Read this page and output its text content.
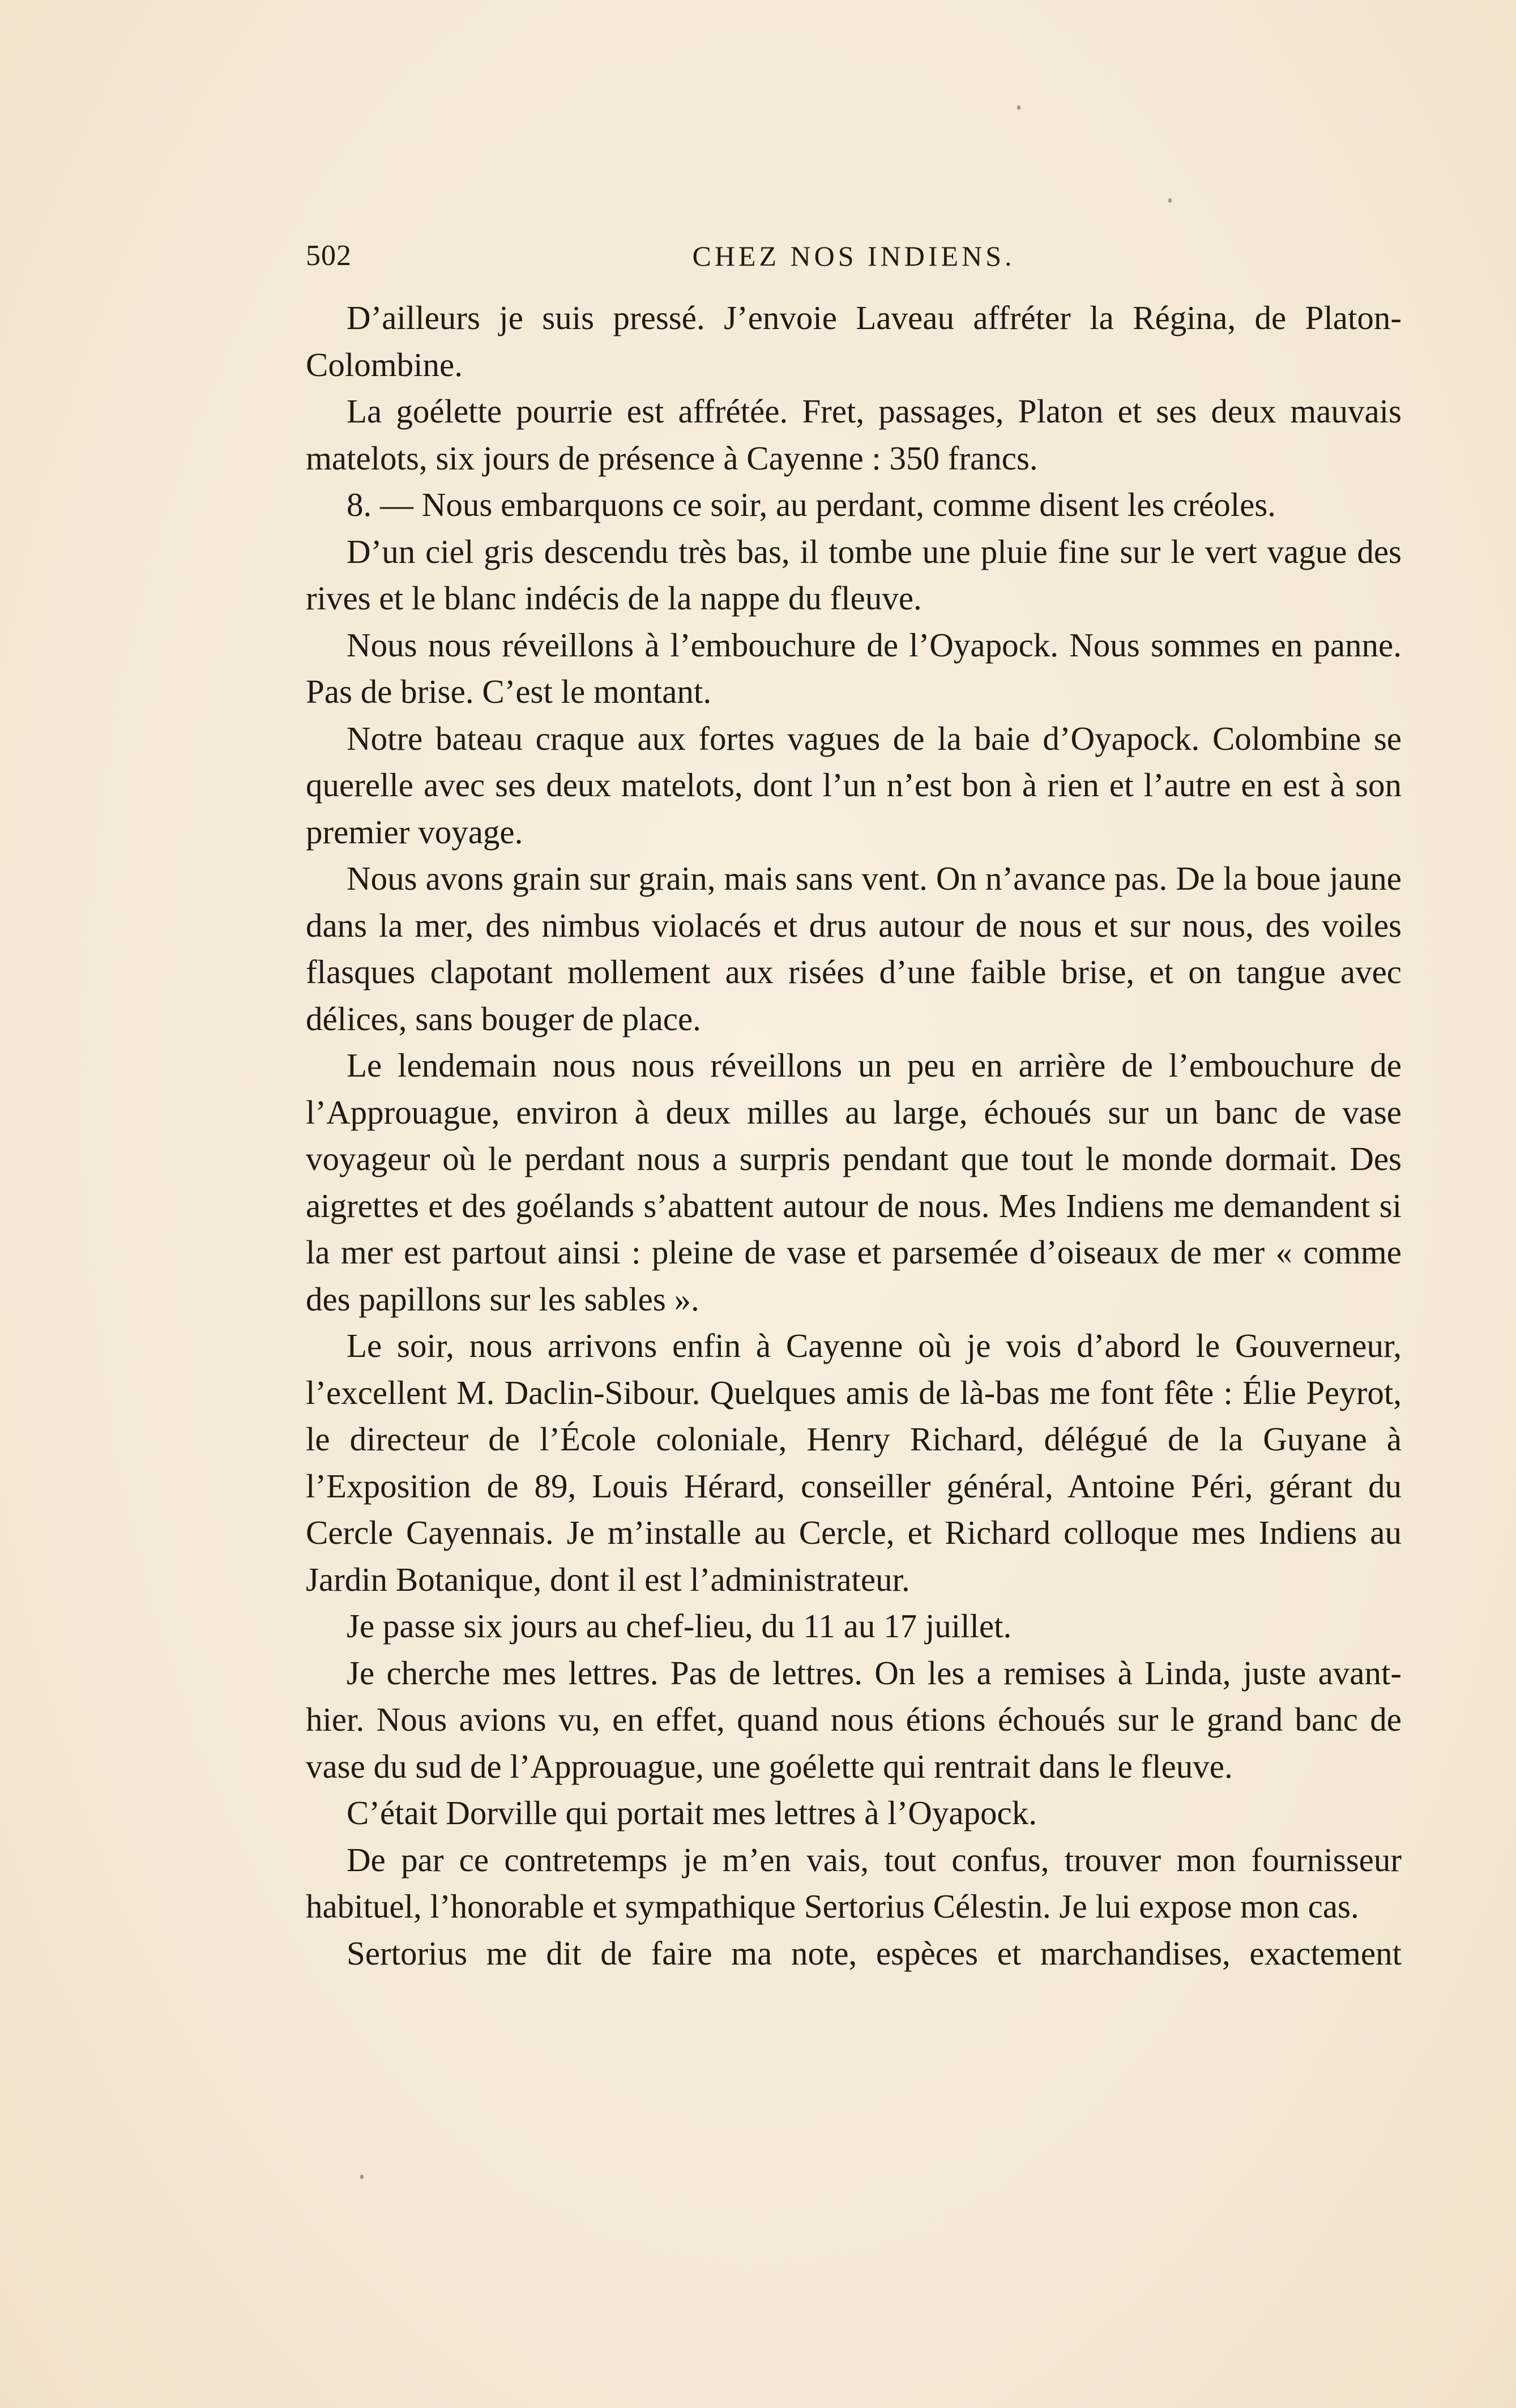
502	CHEZ NOS INDIENS.

D’ailleurs je suis pressé. J’envoie Laveau affréter la Régina, de Platon-Colombine.

La goélette pourrie est affrétée. Fret, passages, Platon et ses deux mauvais matelots, six jours de présence à Cayenne : 350 francs.

8. — Nous embarquons ce soir, au perdant, comme disent les créoles.

D’un ciel gris descendu très bas, il tombe une pluie fine sur le vert vague des rives et le blanc indécis de la nappe du fleuve.

Nous nous réveillons à l’embouchure de l’Oyapock. Nous sommes en panne. Pas de brise. C’est le montant.

Notre bateau craque aux fortes vagues de la baie d’Oyapock. Colombine se querelle avec ses deux matelots, dont l’un n’est bon à rien et l’autre en est à son premier voyage.

Nous avons grain sur grain, mais sans vent. On n’avance pas. De la boue jaune dans la mer, des nimbus violacés et drus autour de nous et sur nous, des voiles flasques clapotant mollement aux risées d’une faible brise, et on tangue avec délices, sans bouger de place.

Le lendemain nous nous réveillons un peu en arrière de l’embouchure de l’Approuague, environ à deux milles au large, échoués sur un banc de vase voyageur où le perdant nous a surpris pendant que tout le monde dormait. Des aigrettes et des goélands s’abattent autour de nous. Mes Indiens me demandent si la mer est partout ainsi : pleine de vase et parsemée d’oiseaux de mer « comme des papillons sur les sables ».

Le soir, nous arrivons enfin à Cayenne où je vois d’abord le Gouverneur, l’excellent M. Daclin-Sibour. Quelques amis de là-bas me font fête : Élie Peyrot, le directeur de l’École coloniale, Henry Richard, délégué de la Guyane à l’Exposition de 89, Louis Hérard, conseiller général, Antoine Péri, gérant du Cercle Cayennais. Je m’installe au Cercle, et Richard colloque mes Indiens au Jardin Botanique, dont il est l’administrateur.

Je passe six jours au chef-lieu, du 11 au 17 juillet.

Je cherche mes lettres. Pas de lettres. On les a remises à Linda, juste avant-hier. Nous avions vu, en effet, quand nous étions échoués sur le grand banc de vase du sud de l’Approuague, une goélette qui rentrait dans le fleuve.

C’était Dorville qui portait mes lettres à l’Oyapock.

De par ce contretemps je m’en vais, tout confus, trouver mon fournisseur habituel, l’honorable et sympathique Sertorius Célestin. Je lui expose mon cas.

Sertorius me dit de faire ma note, espèces et marchandises, exactement
